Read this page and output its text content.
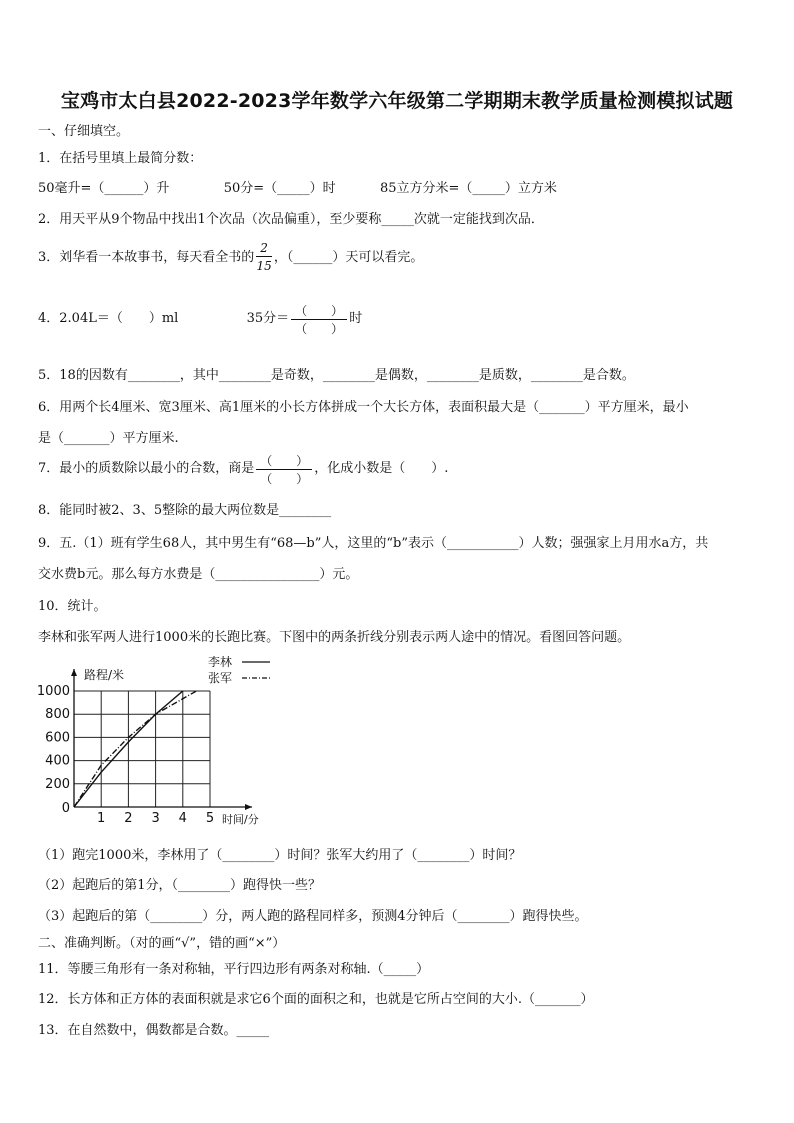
宝鸡市太白县2022-2023学年数学六年级第二学期期末教学质量检测模拟试题
一、仔细填空。
1．在括号里填上最简分数：
50毫升=（______）升	50分=（_____）时	85立方分米=（_____）立方米
2．用天平从9个物品中找出1个次品（次品偏重），至少要称_____次就一定能找到次品．
3．刘华看一本故事书，每天看全书的 $\frac{2}{15}$ ，（______）天可以看完。
4．2.04L＝（　　）ml	35分＝ $\frac{( )}{( )}$ 时
5．18的因数有________，其中________是奇数，________是偶数，________是质数，________是合数。
6．用两个长4厘米、宽3厘米、高1厘米的小长方体拼成一个大长方体，表面积最大是（_______）平方厘米，最小
是（_______）平方厘米.
7．最小的质数除以最小的合数，商是 $\frac{( )}{( )}$ ，化成小数是（　　）.
8．能同时被2、3、5整除的最大两位数是________
9．五.（1）班有学生68人，其中男生有“68—b”人，这里的“b”表示（___________）人数；强强家上月用水a方，共
交水费b元。那么每方水费是（________________）元。
10．统计。
李林和张军两人进行1000米的长跑比赛。下图中的两条折线分别表示两人途中的情况。看图回答问题。
200
400
600
800
1000
0
1 2 3 4 5
路程/米
时间/分
李林
张军
（1）跑完1000米，李林用了（________）时间？张军大约用了（________）时间？
（2）起跑后的第1分，（________）跑得快一些？
（3）起跑后的第（________）分，两人跑的路程同样多，预测4分钟后（________）跑得快些。
二、准确判断。（对的画“√”，错的画“×”）
11．等腰三角形有一条对称轴，平行四边形有两条对称轴.（_____）
12．长方体和正方体的表面积就是求它6个面的面积之和，也就是它所占空间的大小.（_______）
13．在自然数中，偶数都是合数。_____
